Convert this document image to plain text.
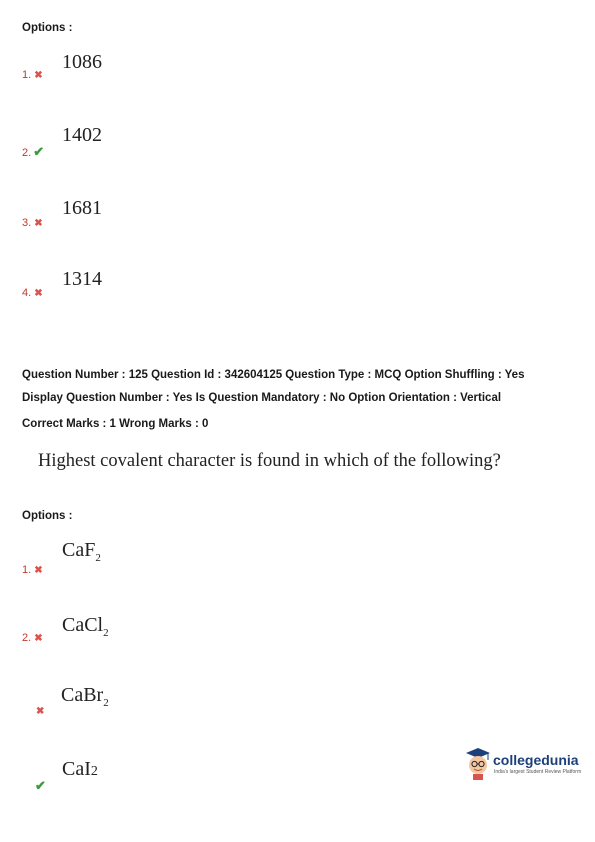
Options :
1086
1. ✖
1402
2. ✔
1681
3. ✖
1314
4. ✖
Question Number : 125 Question Id : 342604125 Question Type : MCQ Option Shuffling : Yes
Display Question Number : Yes Is Question Mandatory : No Option Orientation : Vertical
Correct Marks : 1 Wrong Marks : 0
Highest covalent character is found in which of the following?
Options :
CaF$_2$
1. ✖
CaCl$_2$
2. ✖
CaBr$_2$
✖
CaI2
✔
collegedunia
India's largest Student Review Platform
